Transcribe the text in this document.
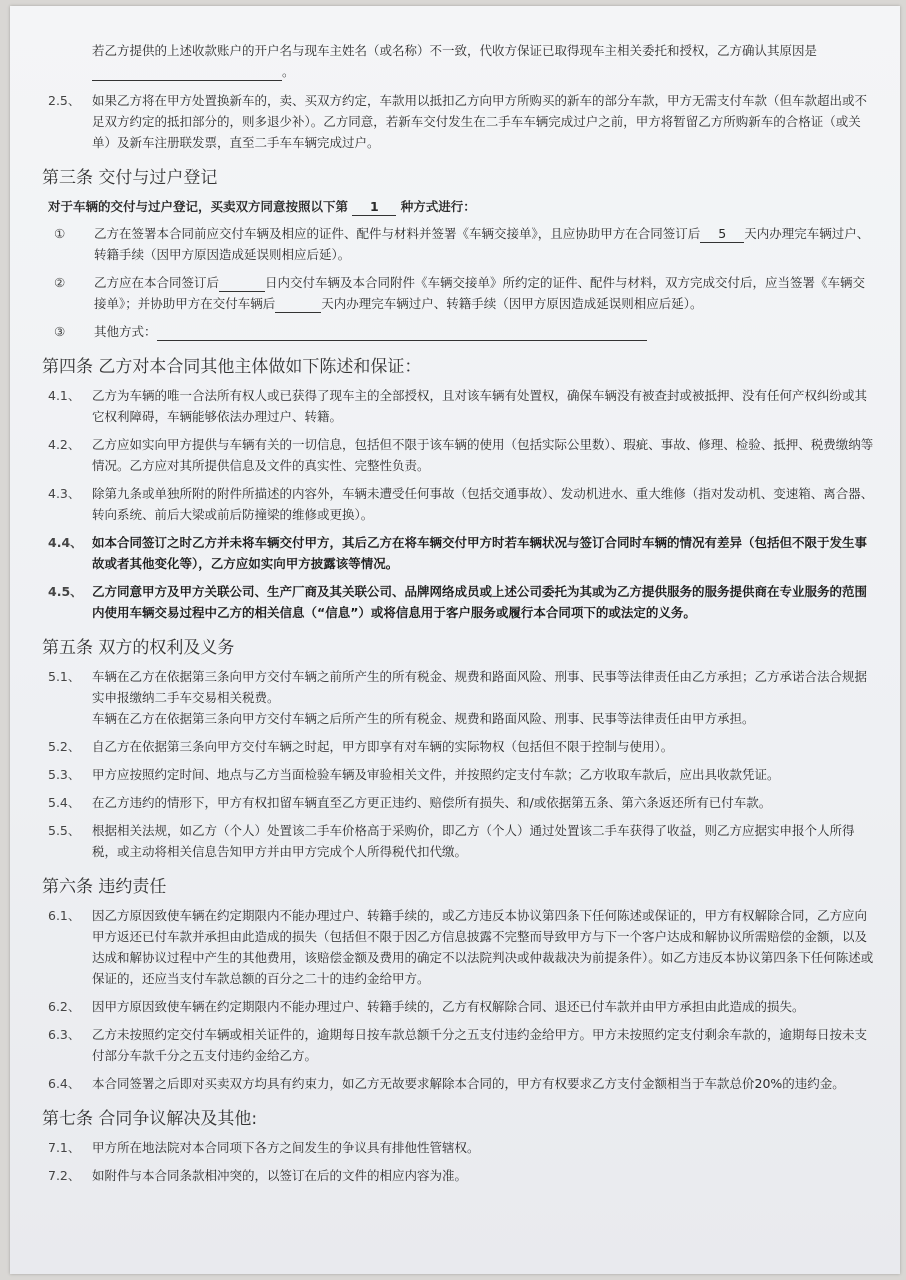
若乙方提供的上述收款账户的开户名与现车主姓名（或名称）不一致，代收方保证已取得现车主相关委托和授权，乙方确认其原因是 。
2.5、 如果乙方将在甲方处置换新车的，卖、买双方约定，车款用以抵扣乙方向甲方所购买的新车的部分车款，甲方无需支付车款（但车款超出或不足双方约定的抵扣部分的，则多退少补）。乙方同意，若新车交付发生在二手车车辆完成过户之前，甲方将暂留乙方所购新车的合格证（或关单）及新车注册联发票，直至二手车车辆完成过户。
第三条 交付与过户登记
对于车辆的交付与过户登记，买卖双方同意按照以下第 1 种方式进行：
①	乙方在签署本合同前应交付车辆及相应的证件、配件与材料并签署《车辆交接单》，且应协助甲方在合同签订后 5 天内办理完车辆过户、转籍手续（因甲方原因造成延误则相应后延）。
②	乙方应在本合同签订后	日内交付车辆及本合同附件《车辆交接单》所约定的证件、配件与材料，双方完成交付后，应当签署《车辆交接单》；并协助甲方在交付车辆后	天内办理完车辆过户、转籍手续（因甲方原因造成延误则相应后延）。
③	其他方式：
第四条 乙方对本合同其他主体做如下陈述和保证：
4.1、 乙方为车辆的唯一合法所有权人或已获得了现车主的全部授权，且对该车辆有处置权，确保车辆没有被查封或被抵押、没有任何产权纠纷或其它权利障碍，车辆能够依法办理过户、转籍。
4.2、 乙方应如实向甲方提供与车辆有关的一切信息，包括但不限于该车辆的使用（包括实际公里数）、瑕疵、事故、修理、检验、抵押、税费缴纳等情况。乙方应对其所提供信息及文件的真实性、完整性负责。
4.3、 除第九条或单独所附的附件所描述的内容外，车辆未遭受任何事故（包括交通事故）、发动机进水、重大维修（指对发动机、变速箱、离合器、转向系统、前后大梁或前后防撞梁的维修或更换）。
4.4、 如本合同签订之时乙方并未将车辆交付甲方，其后乙方在将车辆交付甲方时若车辆状况与签订合同时车辆的情况有差异（包括但不限于发生事故或者其他变化等），乙方应如实向甲方披露该等情况。
4.5、 乙方同意甲方及甲方关联公司、生产厂商及其关联公司、品牌网络成员或上述公司委托为其或为乙方提供服务的服务提供商在专业服务的范围内使用车辆交易过程中乙方的相关信息（“信息”）或将信息用于客户服务或履行本合同项下的或法定的义务。
第五条 双方的权利及义务
5.1、 车辆在乙方在依据第三条向甲方交付车辆之前所产生的所有税金、规费和路面风险、刑事、民事等法律责任由乙方承担；乙方承诺合法合规据实申报缴纳二手车交易相关税费。
车辆在乙方在依据第三条向甲方交付车辆之后所产生的所有税金、规费和路面风险、刑事、民事等法律责任由甲方承担。
5.2、 自乙方在依据第三条向甲方交付车辆之时起，甲方即享有对车辆的实际物权（包括但不限于控制与使用）。
5.3、 甲方应按照约定时间、地点与乙方当面检验车辆及审验相关文件，并按照约定支付车款；乙方收取车款后，应出具收款凭证。
5.4、 在乙方违约的情形下，甲方有权扣留车辆直至乙方更正违约、赔偿所有损失、和/或依据第五条、第六条返还所有已付车款。
5.5、 根据相关法规，如乙方（个人）处置该二手车价格高于采购价，即乙方（个人）通过处置该二手车获得了收益，则乙方应据实申报个人所得税，或主动将相关信息告知甲方并由甲方完成个人所得税代扣代缴。
第六条 违约责任
6.1、 因乙方原因致使车辆在约定期限内不能办理过户、转籍手续的，或乙方违反本协议第四条下任何陈述或保证的，甲方有权解除合同，乙方应向甲方返还已付车款并承担由此造成的损失（包括但不限于因乙方信息披露不完整而导致甲方与下一个客户达成和解协议所需赔偿的金额，以及达成和解协议过程中产生的其他费用，该赔偿金额及费用的确定不以法院判决或仲裁裁决为前提条件）。如乙方违反本协议第四条下任何陈述或保证的，还应当支付车款总额的百分之二十的违约金给甲方。
6.2、 因甲方原因致使车辆在约定期限内不能办理过户、转籍手续的，乙方有权解除合同、退还已付车款并由甲方承担由此造成的损失。
6.3、 乙方未按照约定交付车辆或相关证件的，逾期每日按车款总额千分之五支付违约金给甲方。甲方未按照约定支付剩余车款的，逾期每日按未支付部分车款千分之五支付违约金给乙方。
6.4、 本合同签署之后即对买卖双方均具有约束力，如乙方无故要求解除本合同的，甲方有权要求乙方支付金额相当于车款总价20%的违约金。
第七条 合同争议解决及其他:
7.1、 甲方所在地法院对本合同项下各方之间发生的争议具有排他性管辖权。
7.2、 如附件与本合同条款相冲突的，以签订在后的文件的相应内容为准。
